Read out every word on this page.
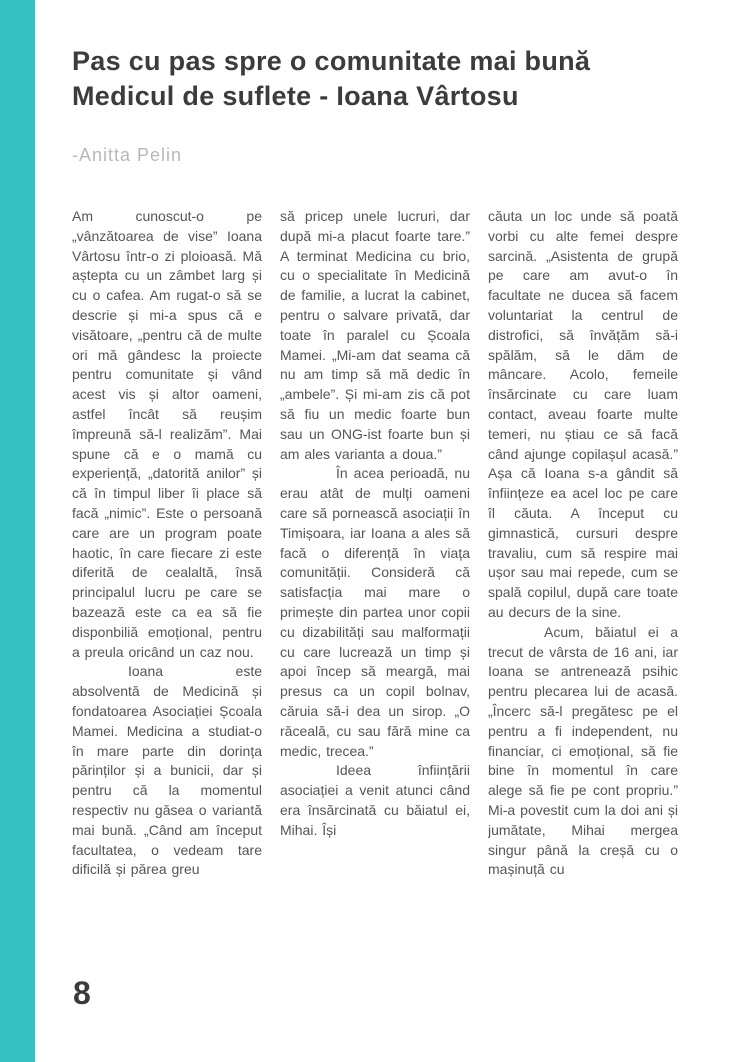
Pas cu pas spre o comunitate mai bună
Medicul de suflete - Ioana Vârtosu
-Anitta Pelin

Am cunoscut-o pe „vânzătoarea de vise” Ioana Vârtosu într-o zi ploioasă. Mă aștepta cu un zâmbet larg și cu o cafea. Am rugat-o să se descrie și mi-a spus că e visătoare, „pentru că de multe ori mă gândesc la proiecte pentru comunitate și vând acest vis și altor oameni, astfel încât să reușim împreună să-l realizăm”. Mai spune că e o mamă cu experiență, „datorită anilor” și că în timpul liber îi place să facă „nimic”. Este o persoană care are un program poate haotic, în care fiecare zi este diferită de cealaltă, însă principalul lucru pe care se bazează este ca ea să fie disponbiliă emoțional, pentru a preula oricând un caz nou.

Ioana este absolventă de Medicină și fondatoarea Asociației Școala Mamei. Medicina a studiat-o în mare parte din dorința părinților și a bunicii, dar și pentru că la momentul respectiv nu găsea o variantă mai bună. „Când am început facultatea, o vedeam tare dificilă și părea greu

să pricep unele lucruri, dar după mi-a placut foarte tare.” A terminat Medicina cu brio, cu o specialitate în Medicină de familie, a lucrat la cabinet, pentru o salvare privată, dar toate în paralel cu Școala Mamei. „Mi-am dat seama că nu am timp să mă dedic în „ambele”. Și mi-am zis că pot să fiu un medic foarte bun sau un ONG-ist foarte bun și am ales varianta a doua.”

În acea perioadă, nu erau atât de mulți oameni care să pornească asociații în Timișoara, iar Ioana a ales să facă o diferență în viața comunității. Consideră că satisfacția mai mare o primește din partea unor copii cu dizabilități sau malformații cu care lucrează un timp și apoi încep să meargă, mai presus ca un copil bolnav, căruia să-i dea un sirop. „O răceală, cu sau fără mine ca medic, trecea.”

Ideea înființării asociației a venit atunci când era însărcinată cu băiatul ei, Mihai. Își

căuta un loc unde să poată vorbi cu alte femei despre sarcină. „Asistenta de grupă pe care am avut-o în facultate ne ducea să facem voluntariat la centrul de distrofici, să învățăm să-i spălăm, să le dăm de mâncare. Acolo, femeile însărcinate cu care luam contact, aveau foarte multe temeri, nu știau ce să facă când ajunge copilașul acasă.” Așa că Ioana s-a gândit să înființeze ea acel loc pe care îl căuta. A început cu gimnastică, cursuri despre travaliu, cum să respire mai ușor sau mai repede, cum se spală copilul, după care toate au decurs de la sine.

Acum, băiatul ei a trecut de vârsta de 16 ani, iar Ioana se antrenează psihic pentru plecarea lui de acasă. „Încerc să-l pregătesc pe el pentru a fi independent, nu financiar, ci emoțional, să fie bine în momentul în care alege să fie pe cont propriu.” Mi-a povestit cum la doi ani și jumătate, Mihai mergea singur până la creșă cu o mașinuță cu

8
